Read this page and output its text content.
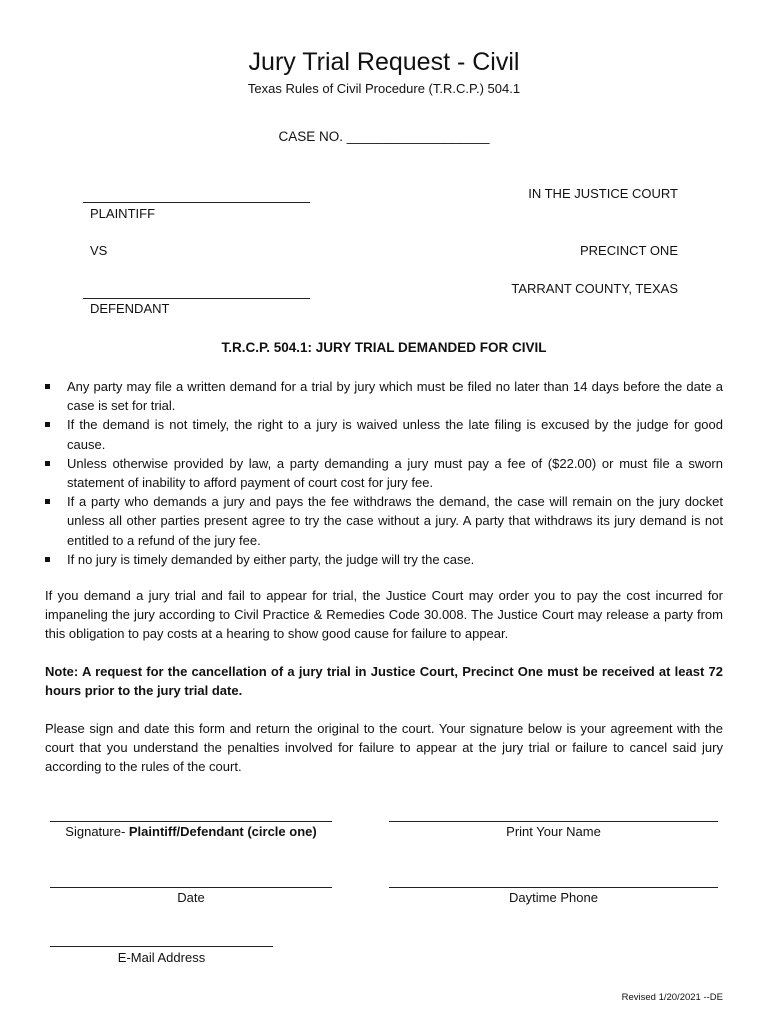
Jury Trial Request - Civil
Texas Rules of Civil Procedure (T.R.C.P.) 504.1
CASE NO. ___________________
PLAINTIFF
VS
DEFENDANT
IN THE JUSTICE COURT
PRECINCT ONE
TARRANT COUNTY, TEXAS
T.R.C.P. 504.1: JURY TRIAL DEMANDED FOR CIVIL
Any party may file a written demand for a trial by jury which must be filed no later than 14 days before the date a case is set for trial.
If the demand is not timely, the right to a jury is waived unless the late filing is excused by the judge for good cause.
Unless otherwise provided by law, a party demanding a jury must pay a fee of ($22.00) or must file a sworn statement of inability to afford payment of court cost for jury fee.
If a party who demands a jury and pays the fee withdraws the demand, the case will remain on the jury docket unless all other parties present agree to try the case without a jury. A party that withdraws its jury demand is not entitled to a refund of the jury fee.
If no jury is timely demanded by either party, the judge will try the case.

If you demand a jury trial and fail to appear for trial, the Justice Court may order you to pay the cost incurred for impaneling the jury according to Civil Practice & Remedies Code 30.008. The Justice Court may release a party from this obligation to pay costs at a hearing to show good cause for failure to appear.

Note: A request for the cancellation of a jury trial in Justice Court, Precinct One must be received at least 72 hours prior to the jury trial date.

Please sign and date this form and return the original to the court. Your signature below is your agreement with the court that you understand the penalties involved for failure to appear at the jury trial or failure to cancel said jury according to the rules of the court.

Signature- Plaintiff/Defendant (circle one)	Print Your Name
Date	Daytime Phone
E-Mail Address
Revised 1/20/2021 --DE
